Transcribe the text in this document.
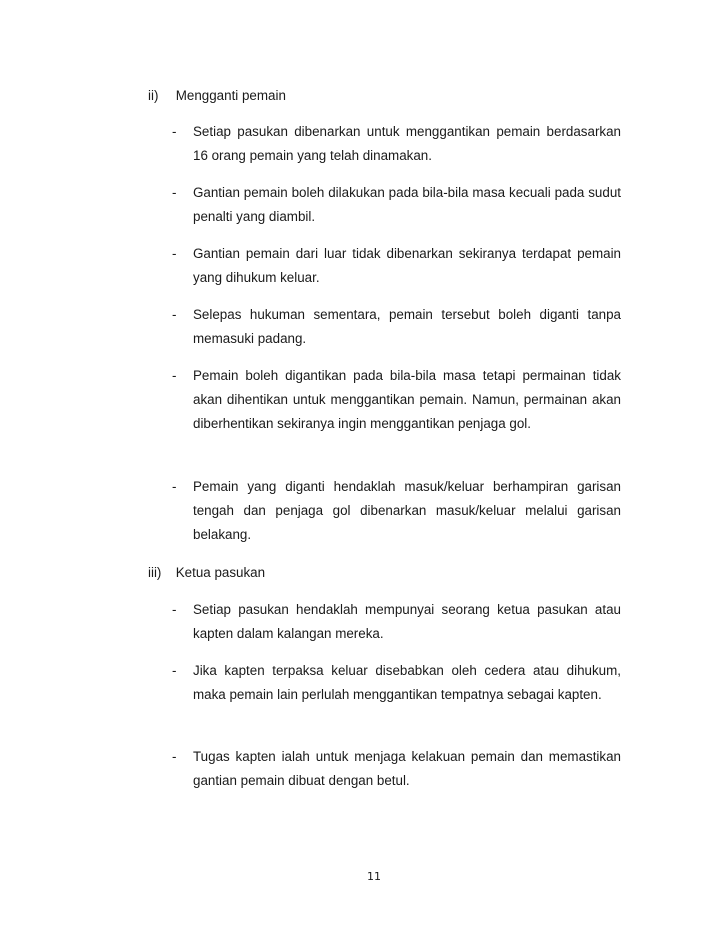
ii) Mengganti pemain
- Setiap pasukan dibenarkan untuk menggantikan pemain berdasarkan 16 orang pemain yang telah dinamakan.
- Gantian pemain boleh dilakukan pada bila-bila masa kecuali pada sudut penalti yang diambil.
- Gantian pemain dari luar tidak dibenarkan sekiranya terdapat pemain yang dihukum keluar.
- Selepas hukuman sementara, pemain tersebut boleh diganti tanpa memasuki padang.
- Pemain boleh digantikan pada bila-bila masa tetapi permainan tidak akan dihentikan untuk menggantikan pemain. Namun, permainan akan diberhentikan sekiranya ingin menggantikan penjaga gol.
- Pemain yang diganti hendaklah masuk/keluar berhampiran garisan tengah dan penjaga gol dibenarkan masuk/keluar melalui garisan belakang.
iii) Ketua pasukan
- Setiap pasukan hendaklah mempunyai seorang ketua pasukan atau kapten dalam kalangan mereka.
- Jika kapten terpaksa keluar disebabkan oleh cedera atau dihukum, maka pemain lain perlulah menggantikan tempatnya sebagai kapten.
- Tugas kapten ialah untuk menjaga kelakuan pemain dan memastikan gantian pemain dibuat dengan betul.
11
